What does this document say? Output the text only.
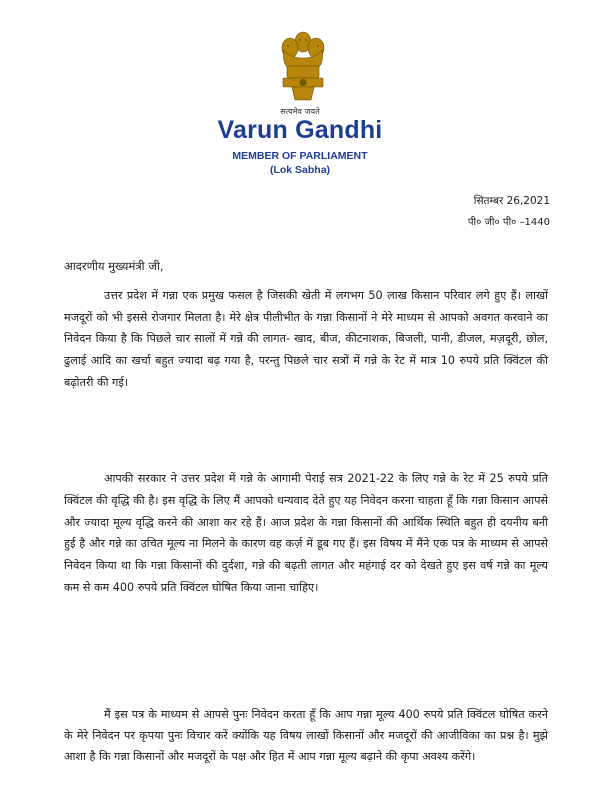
सत्यमेव जयते
Varun Gandhi
MEMBER OF PARLIAMENT
(Lok Sabha)
सितम्बर 26,2021
पी० जी० पी० –1440
आदरणीय मुख्यमंत्री जी,

उत्तर प्रदेश में गन्ना एक प्रमुख फसल है जिसकी खेती में लगभग 50 लाख किसान परिवार लगे हुए हैं। लाखों मजदूरों को भी इससे रोजगार मिलता है। मेरे क्षेत्र पीलीभीत के गन्ना किसानों ने मेरे माध्यम से आपको अवगत करवाने का निवेदन किया है कि पिछले चार सालों में गन्ने की लागत- खाद, बीज, कीटनाशक, बिजली, पानी, डीजल, मज़दूरी, छोल, ढुलाई आदि का खर्चा बहुत ज्यादा बढ़ गया है, परन्तु पिछले चार सत्रों में गन्ने के रेट में मात्र 10 रुपये प्रति क्विंटल की बढ़ोतरी की गई।

आपकी सरकार ने उत्तर प्रदेश में गन्ने के आगामी पेराई सत्र 2021-22 के लिए गन्ने के रेट में 25 रुपये प्रति क्विंटल की वृद्धि की है। इस वृद्धि के लिए मैं आपको धन्यवाद देते हुए यह निवेदन करना चाहता हूँ कि गन्ना किसान आपसे और ज्यादा मूल्य वृद्धि करने की आशा कर रहे हैं। आज प्रदेश के गन्ना किसानों की आर्थिक स्थिति बहुत ही दयनीय बनी हुई है और गन्ने का उचित मूल्य ना मिलने के कारण वह कर्ज़ में डूब गए हैं। इस विषय में मैंने एक पत्र के माध्यम से आपसे निवेदन किया था कि गन्ना किसानों की दुर्दशा, गन्ने की बढ़ती लागत और महंगाई दर को देखते हुए इस वर्ष गन्ने का मूल्य कम से कम 400 रुपये प्रति क्विंटल घोषित किया जाना चाहिए।

मैं इस पत्र के माध्यम से आपसे पुनः निवेदन करता हूँ कि आप गन्ना मूल्य 400 रुपये प्रति क्विंटल घोषित करने के मेरे निवेदन पर कृपया पुनः विचार करें क्योंकि यह विषय लाखों किसानों और मजदूरों की आजीविका का प्रश्न है। मुझे आशा है कि गन्ना किसानों और मजदूरों के पक्ष और हित में आप गन्ना मूल्य बढ़ाने की कृपा अवश्य करेंगे।
